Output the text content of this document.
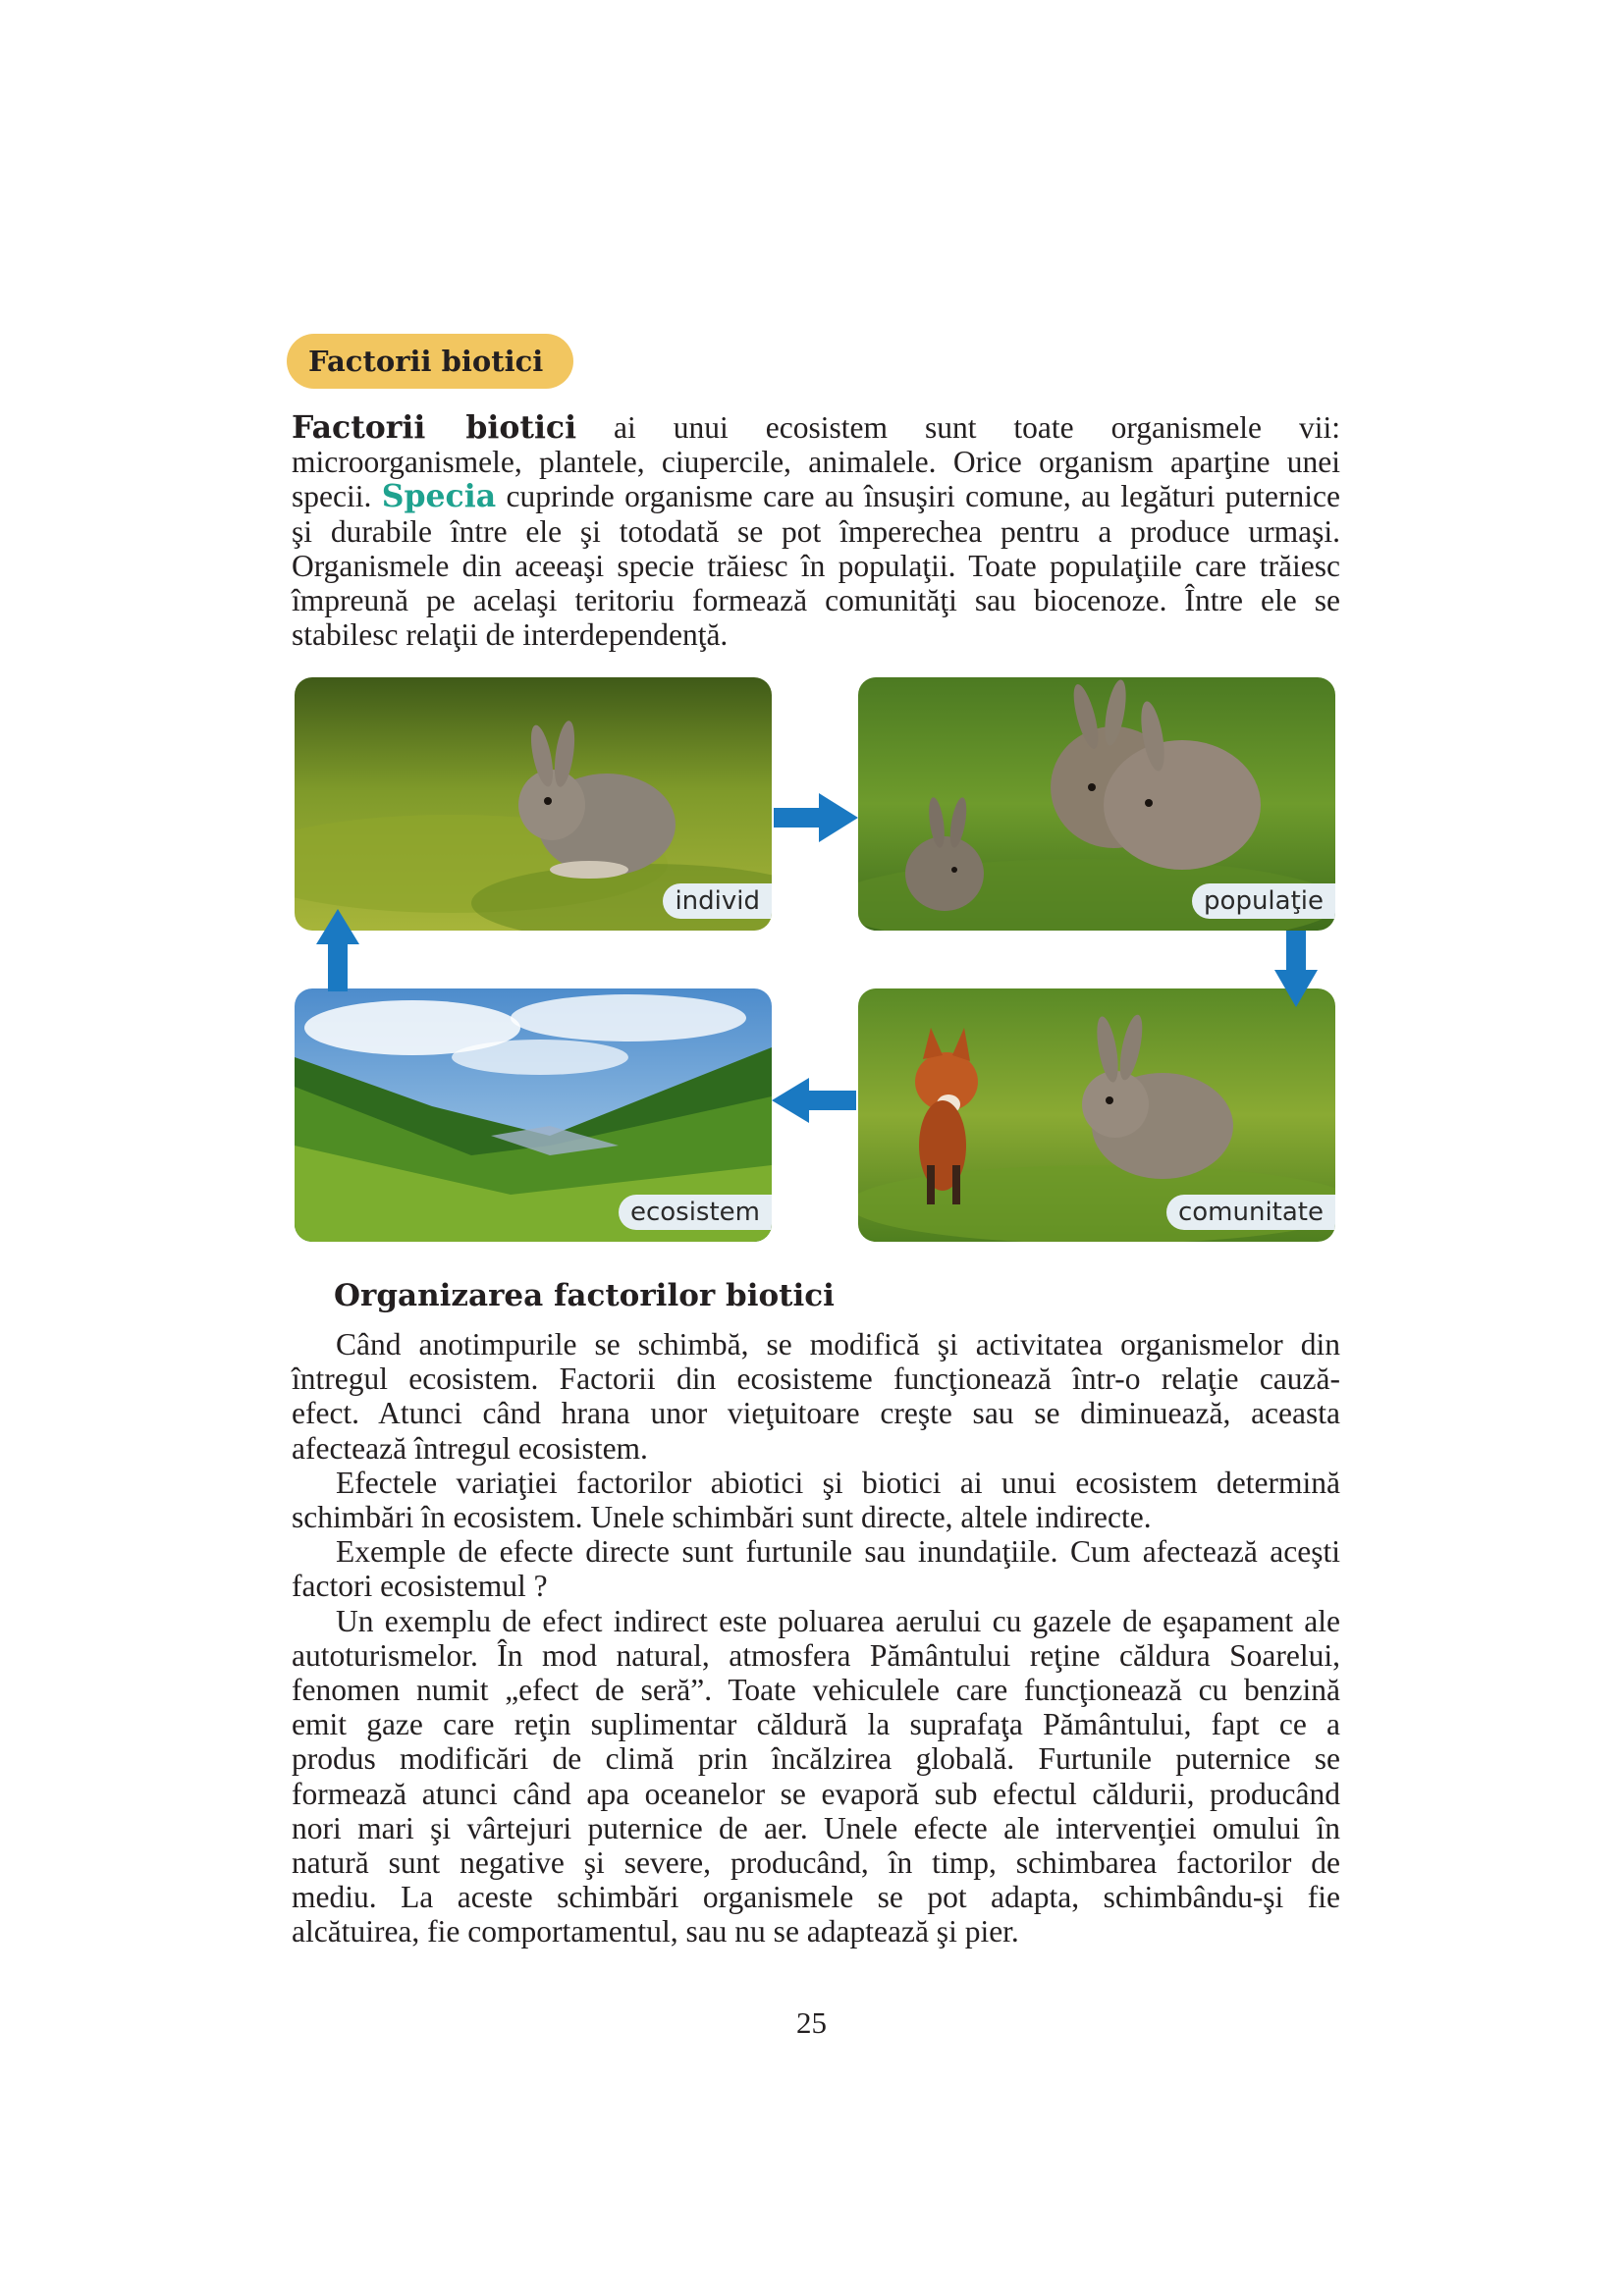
Factorii biotici
Factorii biotici ai unui ecosistem sunt toate organismele vii:
microorganismele, plantele, ciupercile, animalele. Orice organism aparţine unei
specii. Specia cuprinde organisme care au însuşiri comune, au legături puternice
şi durabile între ele şi totodată se pot împerechea pentru a produce urmaşi.
Organismele din aceeaşi specie trăiesc în populaţii. Toate populaţiile care trăiesc
împreună pe acelaşi teritoriu formează comunităţi sau biocenoze. Între ele se
stabilesc relaţii de interdependenţă.
individ	populaţie
ecosistem	comunitate
Organizarea factorilor biotici
Când anotimpurile se schimbă, se modifică şi activitatea organismelor din
întregul ecosistem. Factorii din ecosisteme funcţionează într-o relaţie cauză-
efect. Atunci când hrana unor vieţuitoare creşte sau se diminuează, aceasta
afectează întregul ecosistem.
Efectele variaţiei factorilor abiotici şi biotici ai unui ecosistem determină
schimbări în ecosistem. Unele schimbări sunt directe, altele indirecte.
Exemple de efecte directe sunt furtunile sau inundaţiile. Cum afectează aceşti
factori ecosistemul ?
Un exemplu de efect indirect este poluarea aerului cu gazele de eşapament ale
autoturismelor. În mod natural, atmosfera Pământului reţine căldura Soarelui,
fenomen numit „efect de seră”. Toate vehiculele care funcţionează cu benzină
emit gaze care reţin suplimentar căldură la suprafaţa Pământului, fapt ce a
produs modificări de climă prin încălzirea globală. Furtunile puternice se
formează atunci când apa oceanelor se evaporă sub efectul căldurii, producând
nori mari şi vârtejuri puternice de aer. Unele efecte ale intervenţiei omului în
natură sunt negative şi severe, producând, în timp, schimbarea factorilor de
mediu. La aceste schimbări organismele se pot adapta, schimbându-şi fie
alcătuirea, fie comportamentul, sau nu se adaptează şi pier.
25
